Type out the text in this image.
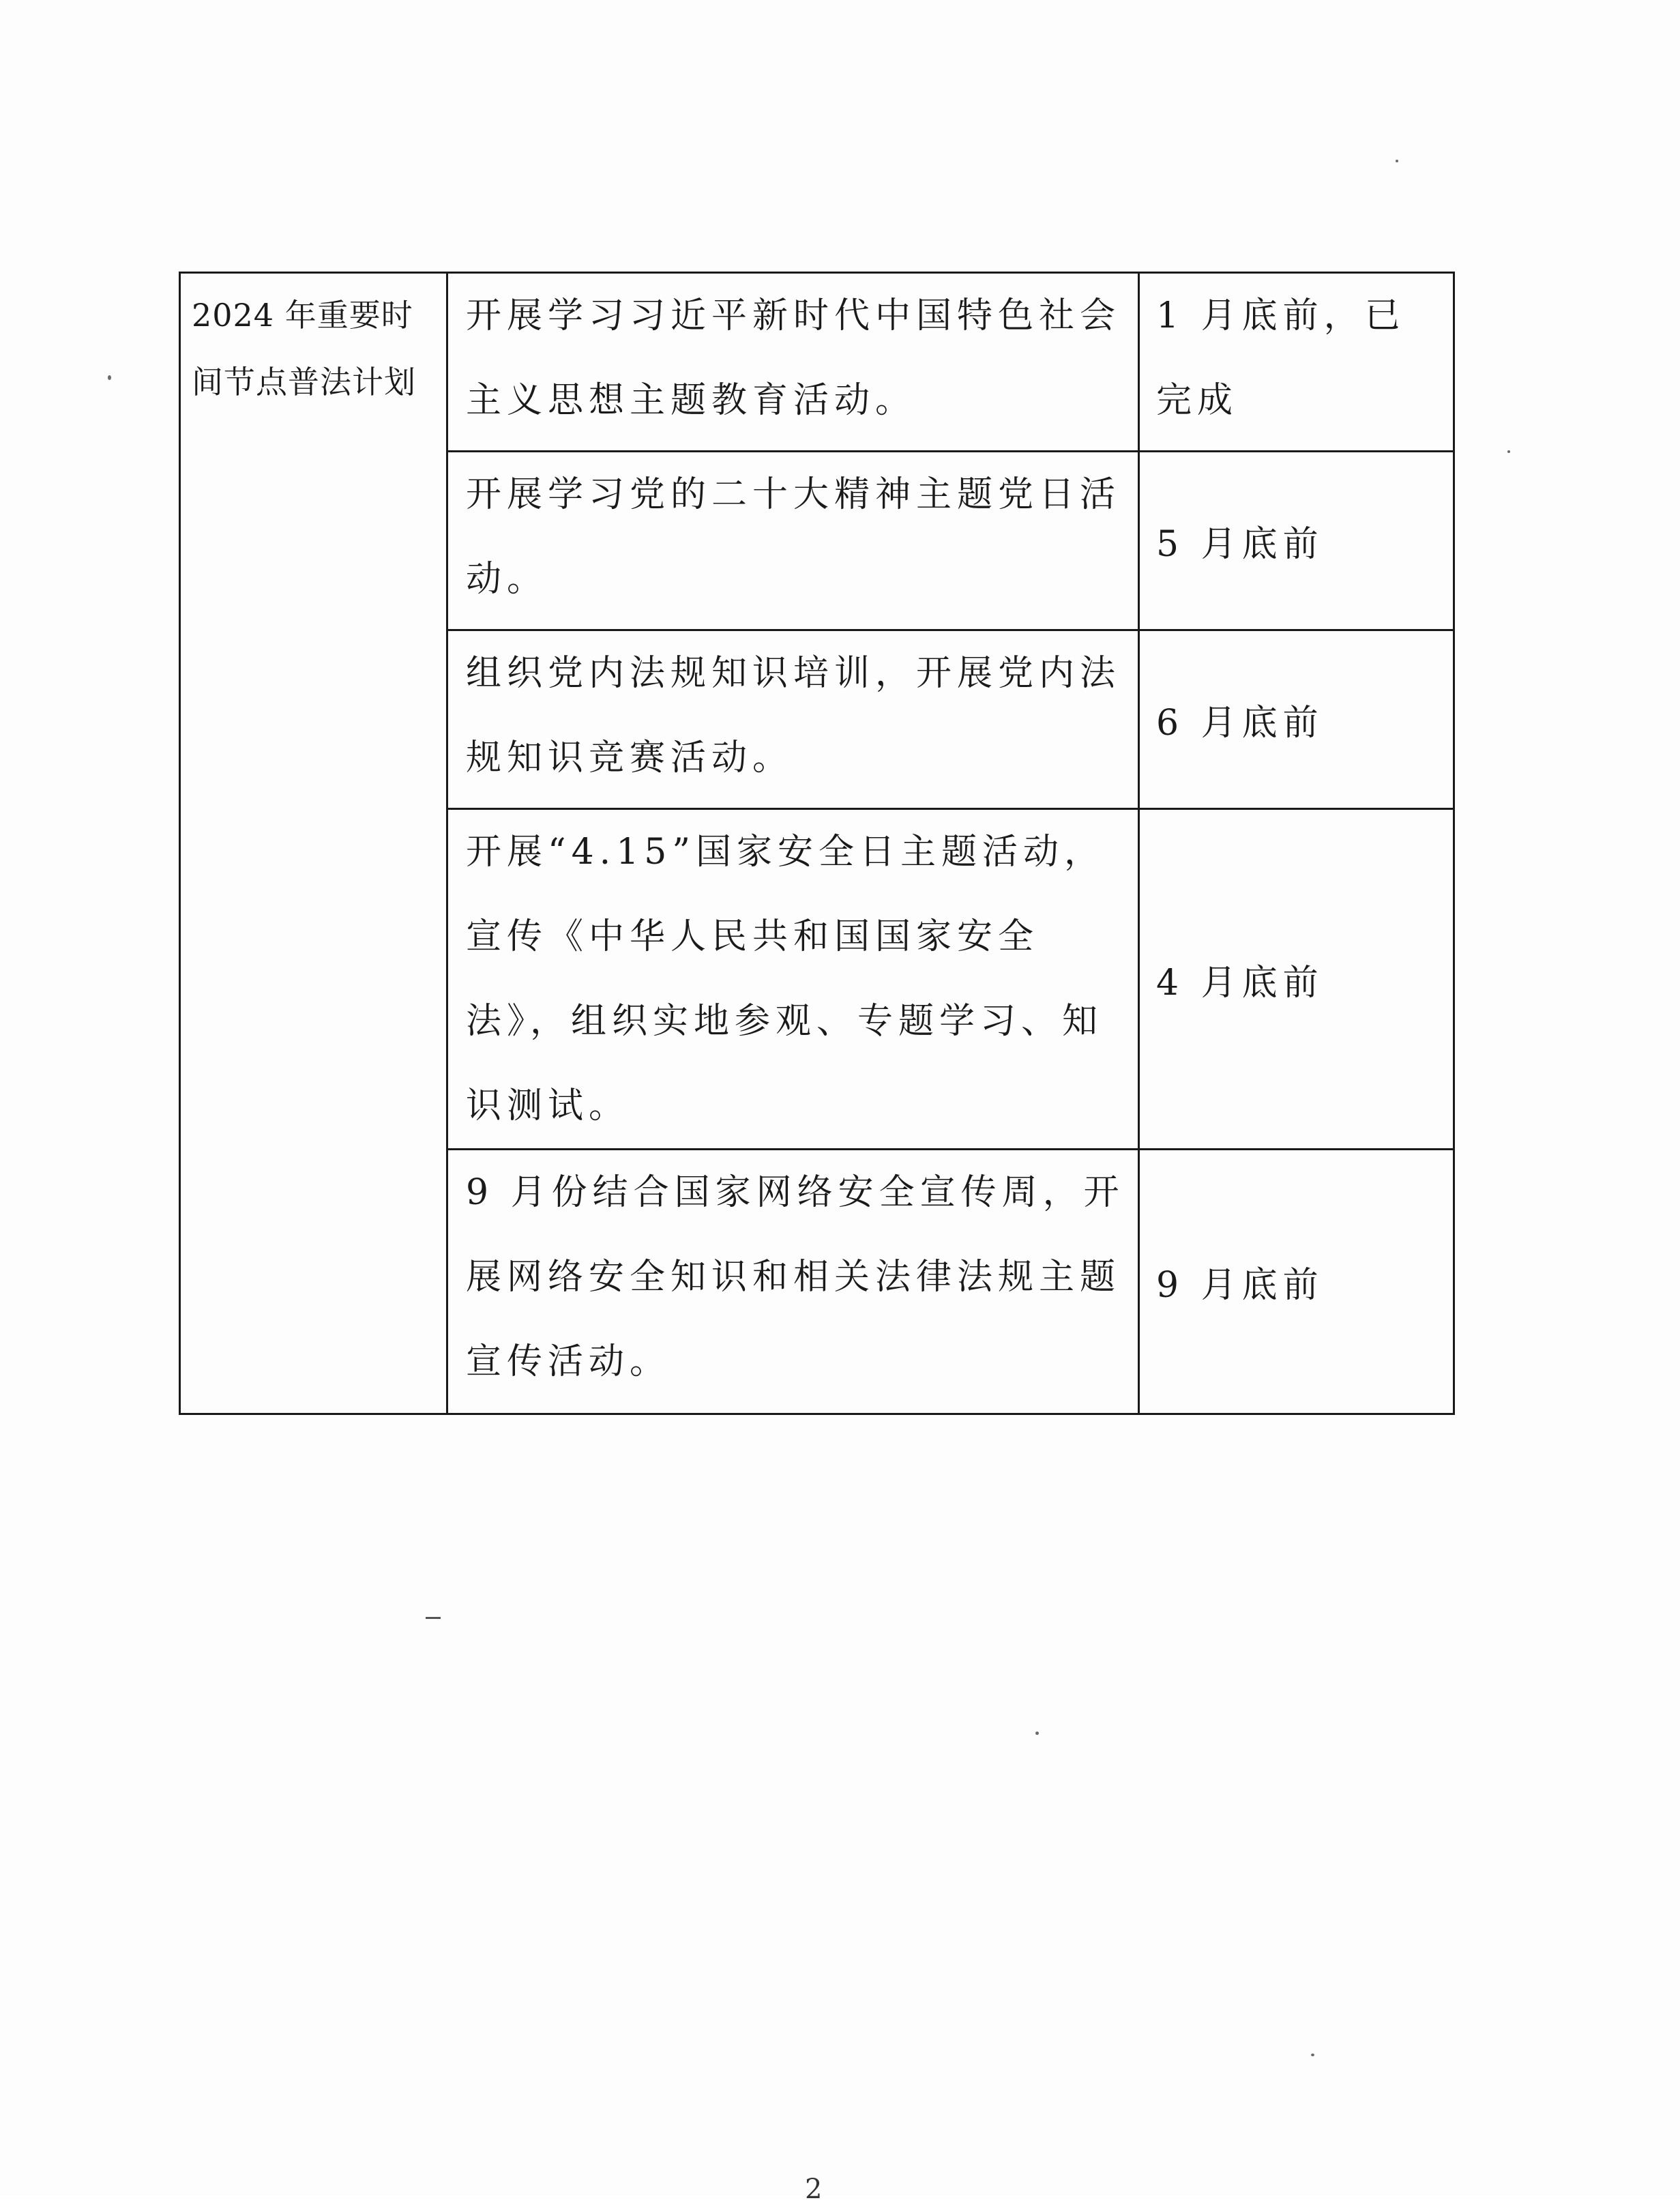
2024 年重要时间节点普法计划	开展学习习近平新时代中国特色社会主义思想主题教育活动。	1 月底前，已完成
	开展学习党的二十大精神主题党日活动。	5 月底前
	组织党内法规知识培训，开展党内法规知识竞赛活动。	6 月底前
	开展“4.15”国家安全日主题活动，宣传《中华人民共和国国家安全法》，组织实地参观、专题学习、知识测试。	4 月底前
	9 月份结合国家网络安全宣传周，开展网络安全知识和相关法律法规主题宣传活动。	9 月底前
2
